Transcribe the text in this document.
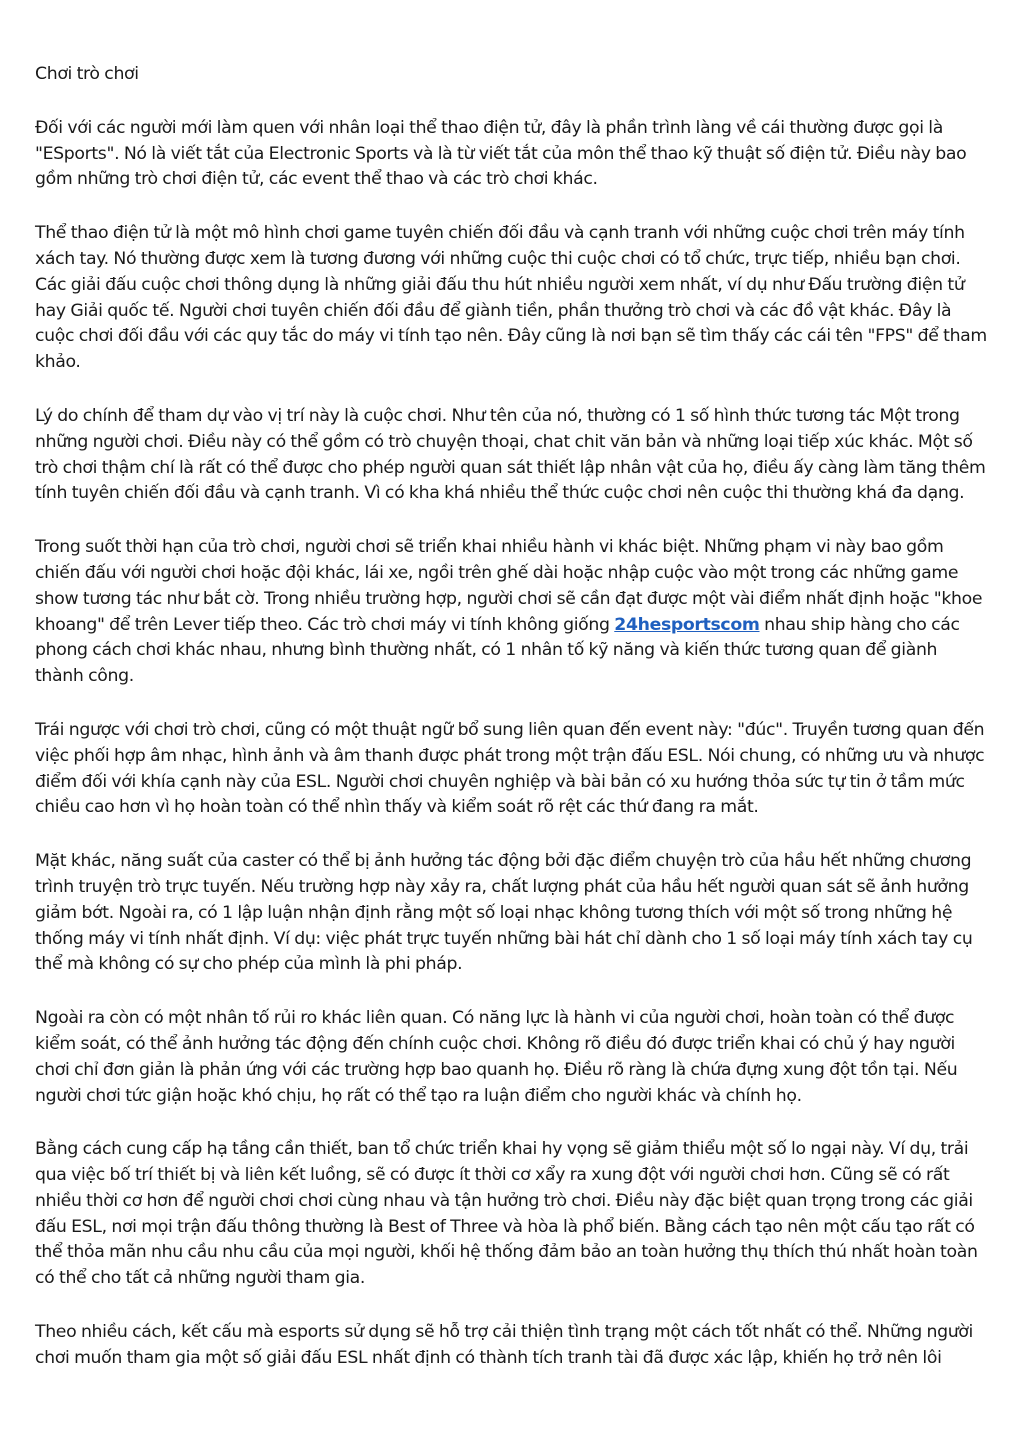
Chơi trò chơi

Đối với các người mới làm quen với nhân loại thể thao điện tử, đây là phần trình làng về cái thường được gọi là "ESports". Nó là viết tắt của Electronic Sports và là từ viết tắt của môn thể thao kỹ thuật số điện tử. Điều này bao gồm những trò chơi điện tử, các event thể thao và các trò chơi khác.

Thể thao điện tử là một mô hình chơi game tuyên chiến đối đầu và cạnh tranh với những cuộc chơi trên máy tính xách tay. Nó thường được xem là tương đương với những cuộc thi cuộc chơi có tổ chức, trực tiếp, nhiều bạn chơi. Các giải đấu cuộc chơi thông dụng là những giải đấu thu hút nhiều người xem nhất, ví dụ như Đấu trường điện tử hay Giải quốc tế. Người chơi tuyên chiến đối đầu để giành tiền, phần thưởng trò chơi và các đồ vật khác. Đây là cuộc chơi đối đầu với các quy tắc do máy vi tính tạo nên. Đây cũng là nơi bạn sẽ tìm thấy các cái tên "FPS" để tham khảo.

Lý do chính để tham dự vào vị trí này là cuộc chơi. Như tên của nó, thường có 1 số hình thức tương tác Một trong những người chơi. Điều này có thể gồm có trò chuyện thoại, chat chit văn bản và những loại tiếp xúc khác. Một số trò chơi thậm chí là rất có thể được cho phép người quan sát thiết lập nhân vật của họ, điều ấy càng làm tăng thêm tính tuyên chiến đối đầu và cạnh tranh. Vì có kha khá nhiều thể thức cuộc chơi nên cuộc thi thường khá đa dạng.

Trong suốt thời hạn của trò chơi, người chơi sẽ triển khai nhiều hành vi khác biệt. Những phạm vi này bao gồm chiến đấu với người chơi hoặc đội khác, lái xe, ngồi trên ghế dài hoặc nhập cuộc vào một trong các những game show tương tác như bắt cờ. Trong nhiều trường hợp, người chơi sẽ cần đạt được một vài điểm nhất định hoặc "khoe khoang" để trên Lever tiếp theo. Các trò chơi máy vi tính không giống 24hesportscom nhau ship hàng cho các phong cách chơi khác nhau, nhưng bình thường nhất, có 1 nhân tố kỹ năng và kiến thức tương quan để giành thành công.

Trái ngược với chơi trò chơi, cũng có một thuật ngữ bổ sung liên quan đến event này: "đúc". Truyền tương quan đến việc phối hợp âm nhạc, hình ảnh và âm thanh được phát trong một trận đấu ESL. Nói chung, có những ưu và nhược điểm đối với khía cạnh này của ESL. Người chơi chuyên nghiệp và bài bản có xu hướng thỏa sức tự tin ở tầm mức chiều cao hơn vì họ hoàn toàn có thể nhìn thấy và kiểm soát rõ rệt các thứ đang ra mắt.

Mặt khác, năng suất của caster có thể bị ảnh hưởng tác động bởi đặc điểm chuyện trò của hầu hết những chương trình truyện trò trực tuyến. Nếu trường hợp này xảy ra, chất lượng phát của hầu hết người quan sát sẽ ảnh hưởng giảm bớt. Ngoài ra, có 1 lập luận nhận định rằng một số loại nhạc không tương thích với một số trong những hệ thống máy vi tính nhất định. Ví dụ: việc phát trực tuyến những bài hát chỉ dành cho 1 số loại máy tính xách tay cụ thể mà không có sự cho phép của mình là phi pháp.

Ngoài ra còn có một nhân tố rủi ro khác liên quan. Có năng lực là hành vi của người chơi, hoàn toàn có thể được kiểm soát, có thể ảnh hưởng tác động đến chính cuộc chơi. Không rõ điều đó được triển khai có chủ ý hay người chơi chỉ đơn giản là phản ứng với các trường hợp bao quanh họ. Điều rõ ràng là chứa đựng xung đột tồn tại. Nếu người chơi tức giận hoặc khó chịu, họ rất có thể tạo ra luận điểm cho người khác và chính họ.

Bằng cách cung cấp hạ tầng cần thiết, ban tổ chức triển khai hy vọng sẽ giảm thiểu một số lo ngại này. Ví dụ, trải qua việc bố trí thiết bị và liên kết luồng, sẽ có được ít thời cơ xẩy ra xung đột với người chơi hơn. Cũng sẽ có rất nhiều thời cơ hơn để người chơi chơi cùng nhau và tận hưởng trò chơi. Điều này đặc biệt quan trọng trong các giải đấu ESL, nơi mọi trận đấu thông thường là Best of Three và hòa là phổ biến. Bằng cách tạo nên một cấu tạo rất có thể thỏa mãn nhu cầu nhu cầu của mọi người, khối hệ thống đảm bảo an toàn hưởng thụ thích thú nhất hoàn toàn có thể cho tất cả những người tham gia.

Theo nhiều cách, kết cấu mà esports sử dụng sẽ hỗ trợ cải thiện tình trạng một cách tốt nhất có thể. Những người chơi muốn tham gia một số giải đấu ESL nhất định có thành tích tranh tài đã được xác lập, khiến họ trở nên lôi
